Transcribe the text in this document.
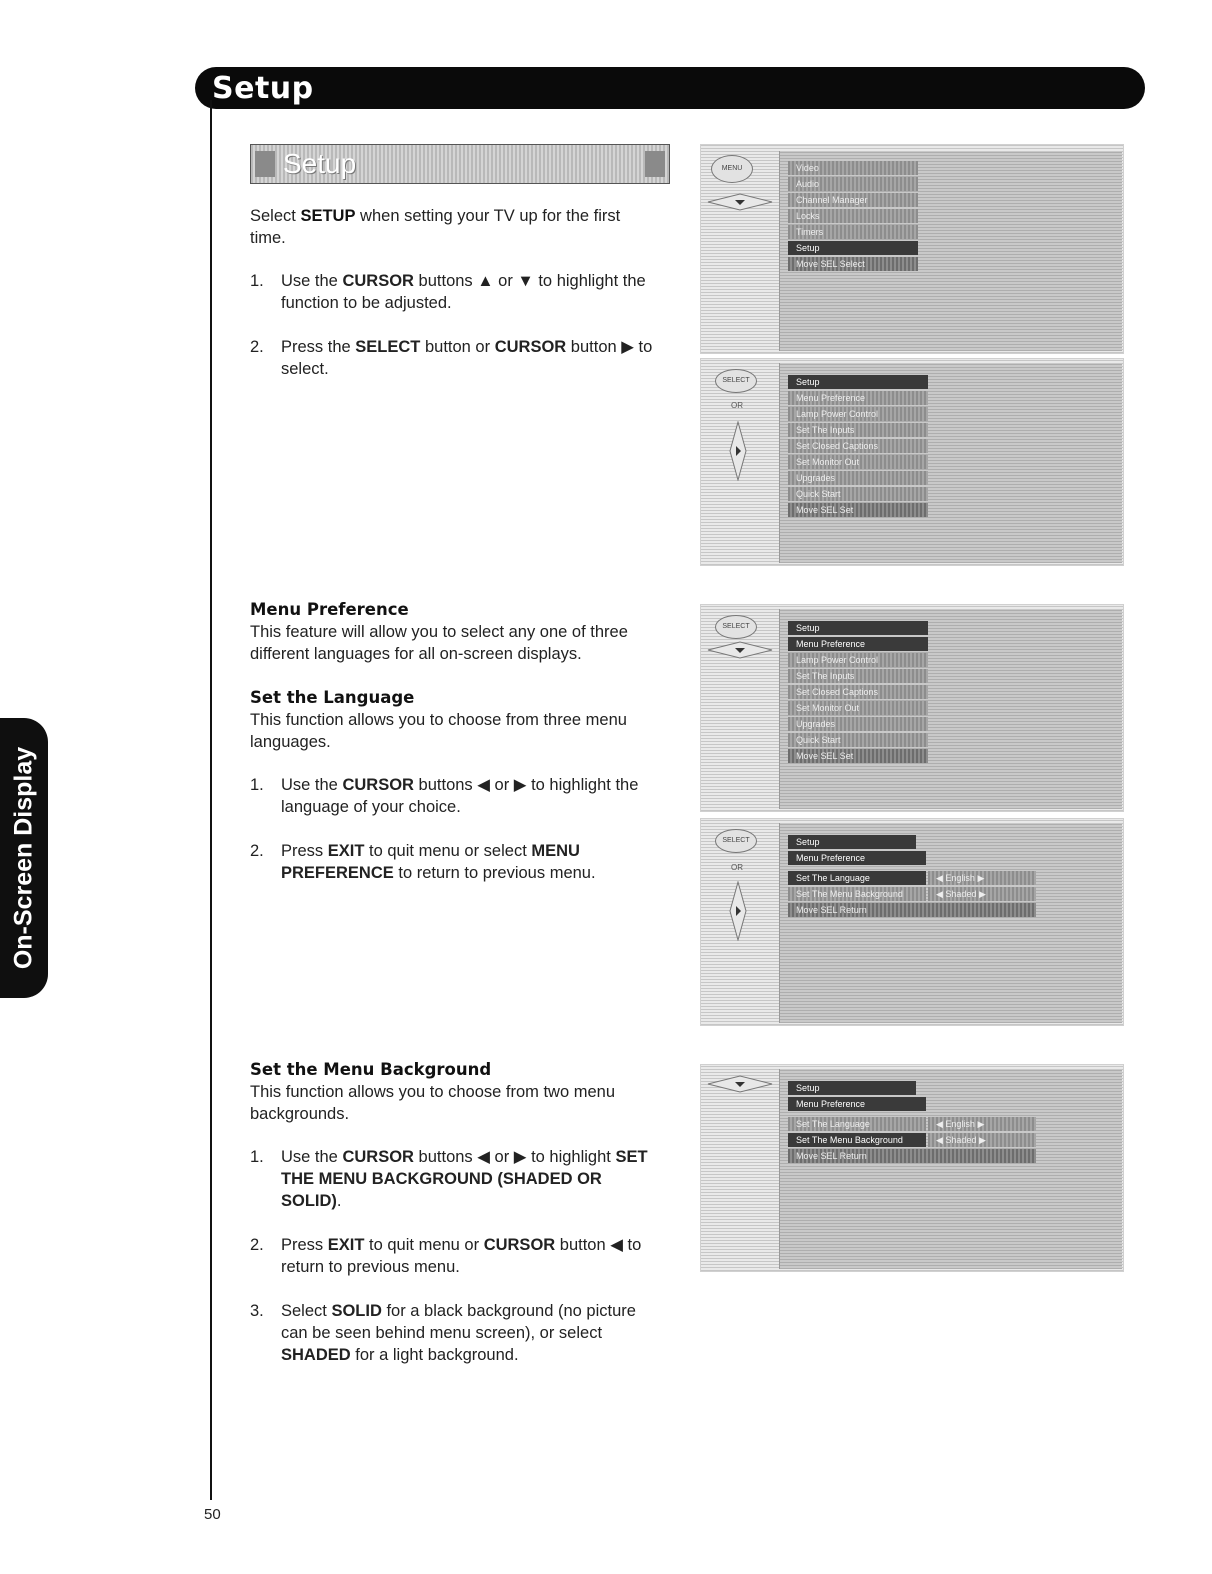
Setup
On-Screen Display
50
Setup
Select SETUP when setting your TV up for the first time.
1. Use the CURSOR buttons ▲ or ▼ to highlight the function to be adjusted.
2. Press the SELECT button or CURSOR button ▶ to select.
Menu Preference
This feature will allow you to select any one of three different languages for all on-screen displays.
Set the Language
This function allows you to choose from three menu languages.
1. Use the CURSOR buttons ◀ or ▶ to highlight the language of your choice.
2. Press EXIT to quit menu or select MENU PREFERENCE to return to previous menu.
Set the Menu Background
This function allows you to choose from two menu backgrounds.
1. Use the CURSOR buttons ◀ or ▶ to highlight SET THE MENU BACKGROUND (SHADED OR SOLID).
2. Press EXIT to quit menu or CURSOR button ◀ to return to previous menu.
3. Select SOLID for a black background (no picture can be seen behind menu screen), or select SHADED for a light background.
MENU	Video
Audio
Channel Manager
Locks
Timers
Setup
Move SEL Select
SELECT
OR
Setup
Menu Preference
Lamp Power Control
Set The Inputs
Set Closed Captions
Set Monitor Out
Upgrades
Quick Start
Move SEL Set
SELECT	Setup
Menu Preference
Lamp Power Control
Set The Inputs
Set Closed Captions
Set Monitor Out
Upgrades
Quick Start
Move SEL Set
SELECT
OR
Setup
Menu Preference
Set The Language	◀ English ▶
Set The Menu Background	◀ Shaded ▶
Move SEL Return
Setup
Menu Preference
Set The Language	◀ English ▶
Set The Menu Background	◀ Shaded ▶
Move SEL Return
